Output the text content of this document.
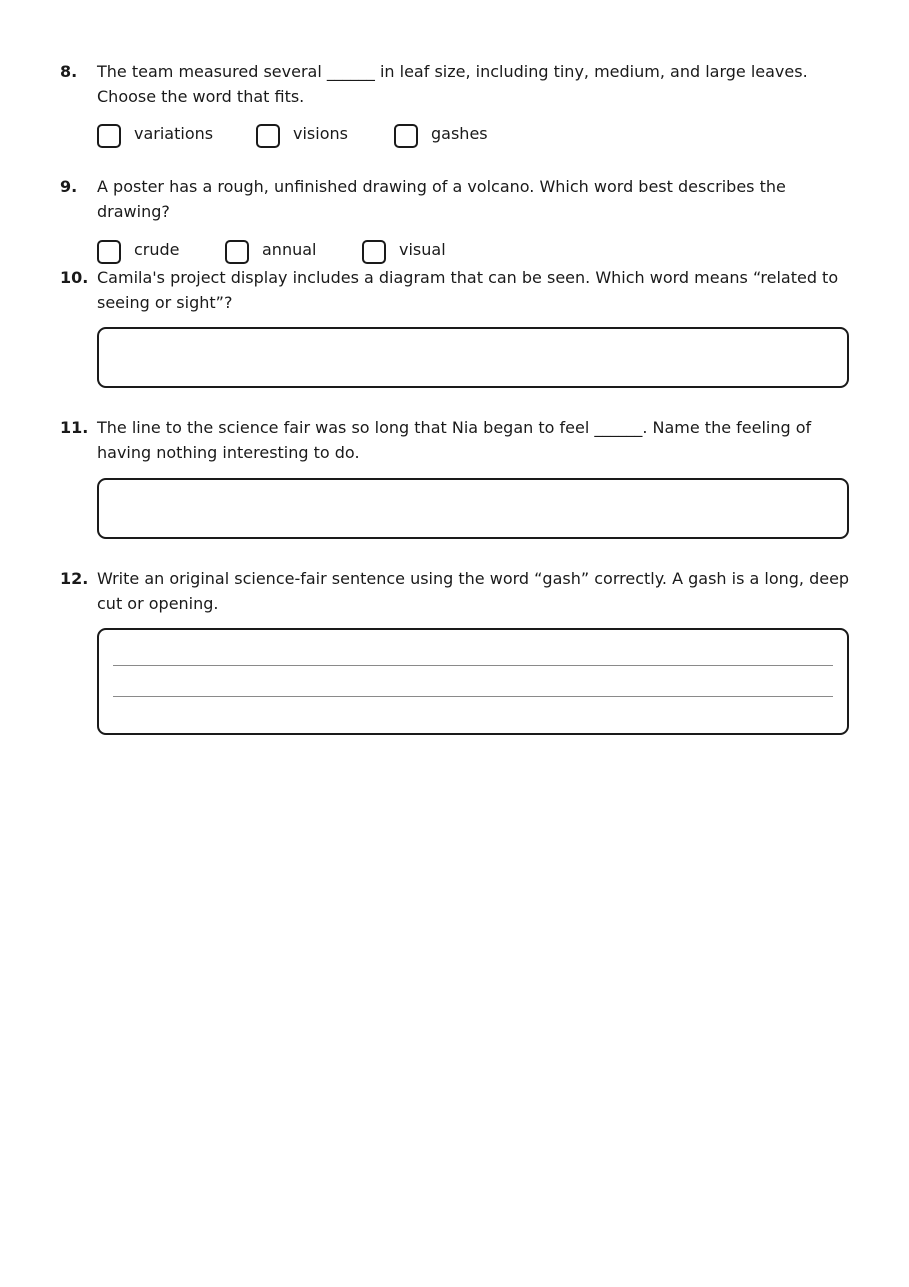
8. The team measured several ______ in leaf size, including tiny, medium, and large leaves. Choose the word that fits.
variations	visions	gashes
9. A poster has a rough, unfinished drawing of a volcano. Which word best describes the drawing?
crude	annual	visual
10. Camila's project display includes a diagram that can be seen. Which word means “related to seeing or sight”?
11. The line to the science fair was so long that Nia began to feel ______. Name the feeling of having nothing interesting to do.
12. Write an original science-fair sentence using the word “gash” correctly. A gash is a long, deep cut or opening.
